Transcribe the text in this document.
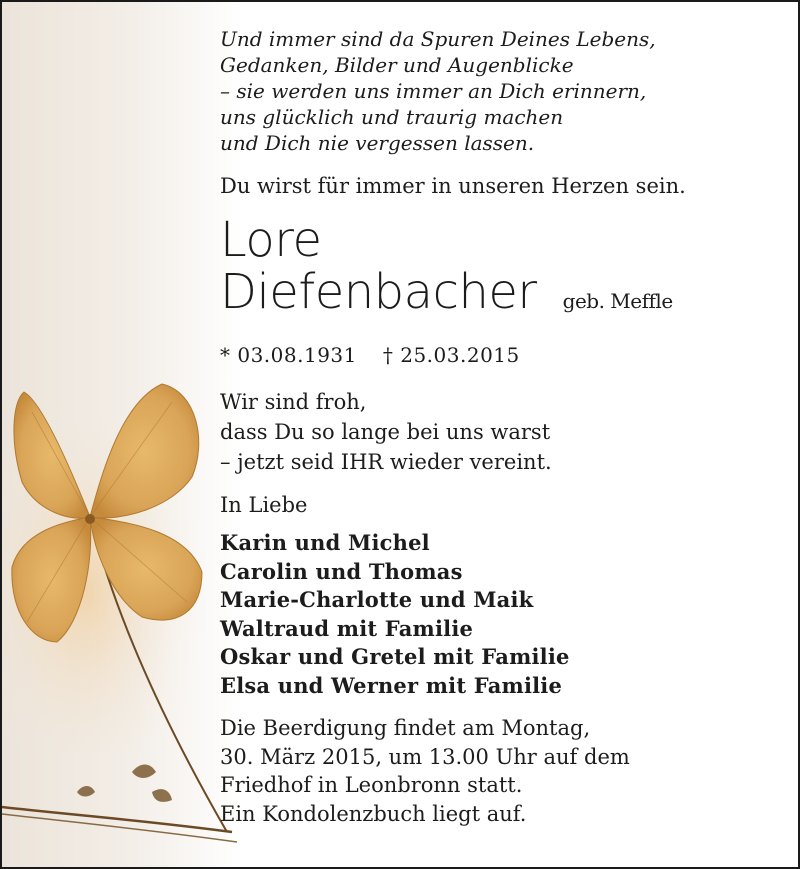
Und immer sind da Spuren Deines Lebens,
Gedanken, Bilder und Augenblicke
– sie werden uns immer an Dich erinnern,
uns glücklich und traurig machen
und Dich nie vergessen lassen.
Du wirst für immer in unseren Herzen sein.
Lore
Diefenbacher geb. Meffle
* 03.08.1931 † 25.03.2015
Wir sind froh,
dass Du so lange bei uns warst
– jetzt seid IHR wieder vereint.
In Liebe
Karin und Michel
Carolin und Thomas
Marie-Charlotte und Maik
Waltraud mit Familie
Oskar und Gretel mit Familie
Elsa und Werner mit Familie
Die Beerdigung findet am Montag,
30. März 2015, um 13.00 Uhr auf dem
Friedhof in Leonbronn statt.
Ein Kondolenzbuch liegt auf.
